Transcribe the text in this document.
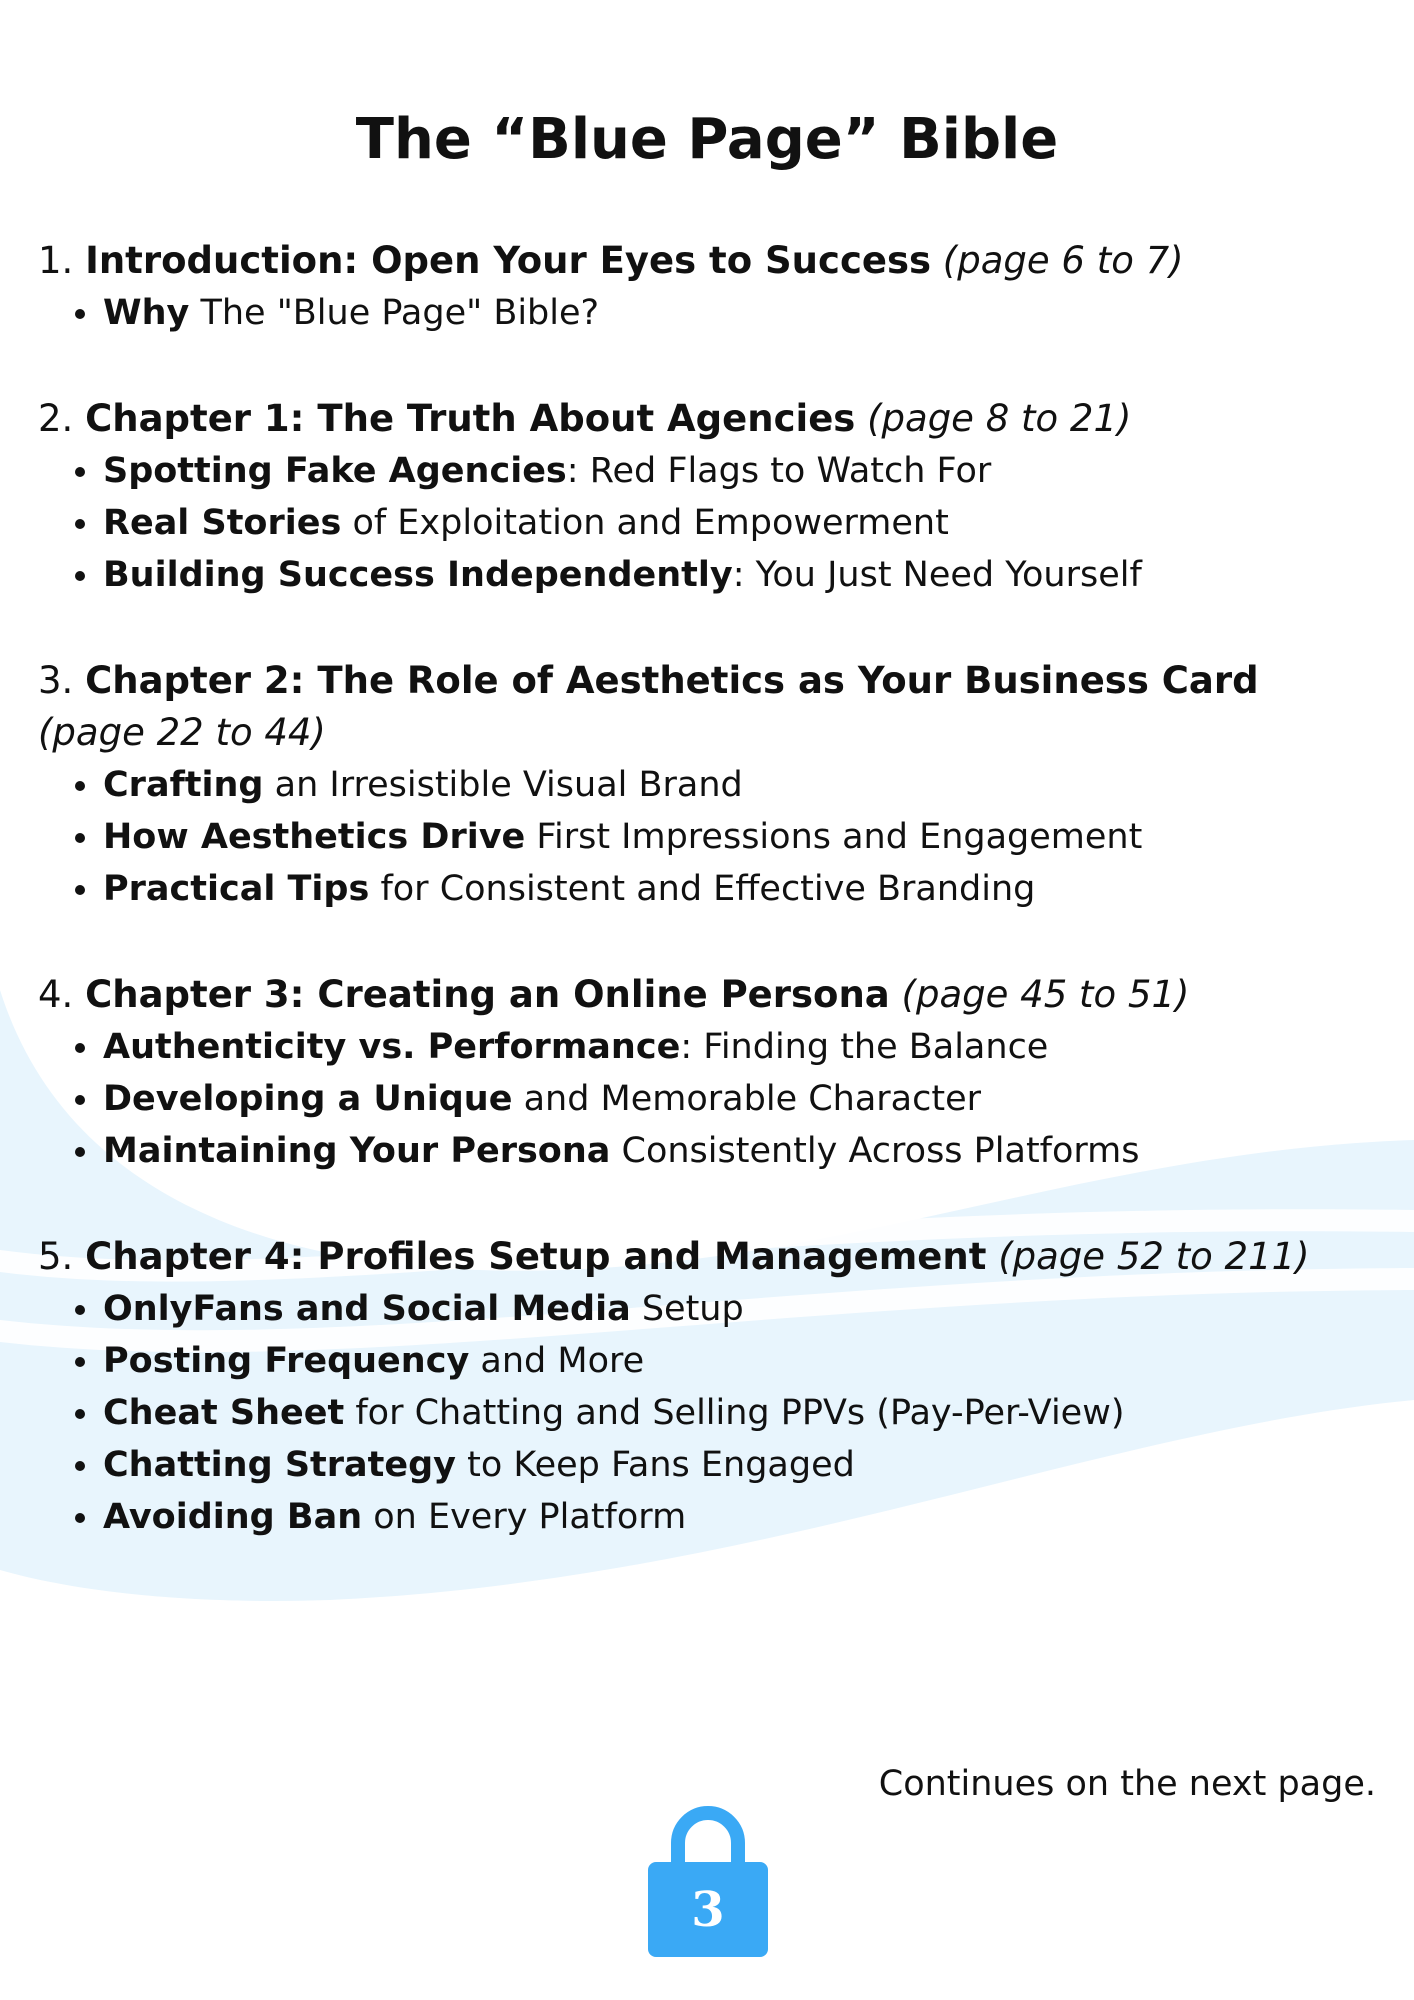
The “Blue Page” Bible

1. Introduction: Open Your Eyes to Success (page 6 to 7)

Why The "Blue Page" Bible?

2. Chapter 1: The Truth About Agencies (page 8 to 21)

Spotting Fake Agencies: Red Flags to Watch For
Real Stories of Exploitation and Empowerment
Building Success Independently: You Just Need Yourself

3. Chapter 2: The Role of Aesthetics as Your Business Card (page 22 to 44)

Crafting an Irresistible Visual Brand
How Aesthetics Drive First Impressions and Engagement
Practical Tips for Consistent and Effective Branding

4. Chapter 3: Creating an Online Persona (page 45 to 51)

Authenticity vs. Performance: Finding the Balance
Developing a Unique and Memorable Character
Maintaining Your Persona Consistently Across Platforms

5. Chapter 4: Profiles Setup and Management (page 52 to 211)

OnlyFans and Social Media Setup
Posting Frequency and More
Cheat Sheet for Chatting and Selling PPVs (Pay-Per-View)
Chatting Strategy to Keep Fans Engaged
Avoiding Ban on Every Platform
Continues on the next page.
3
